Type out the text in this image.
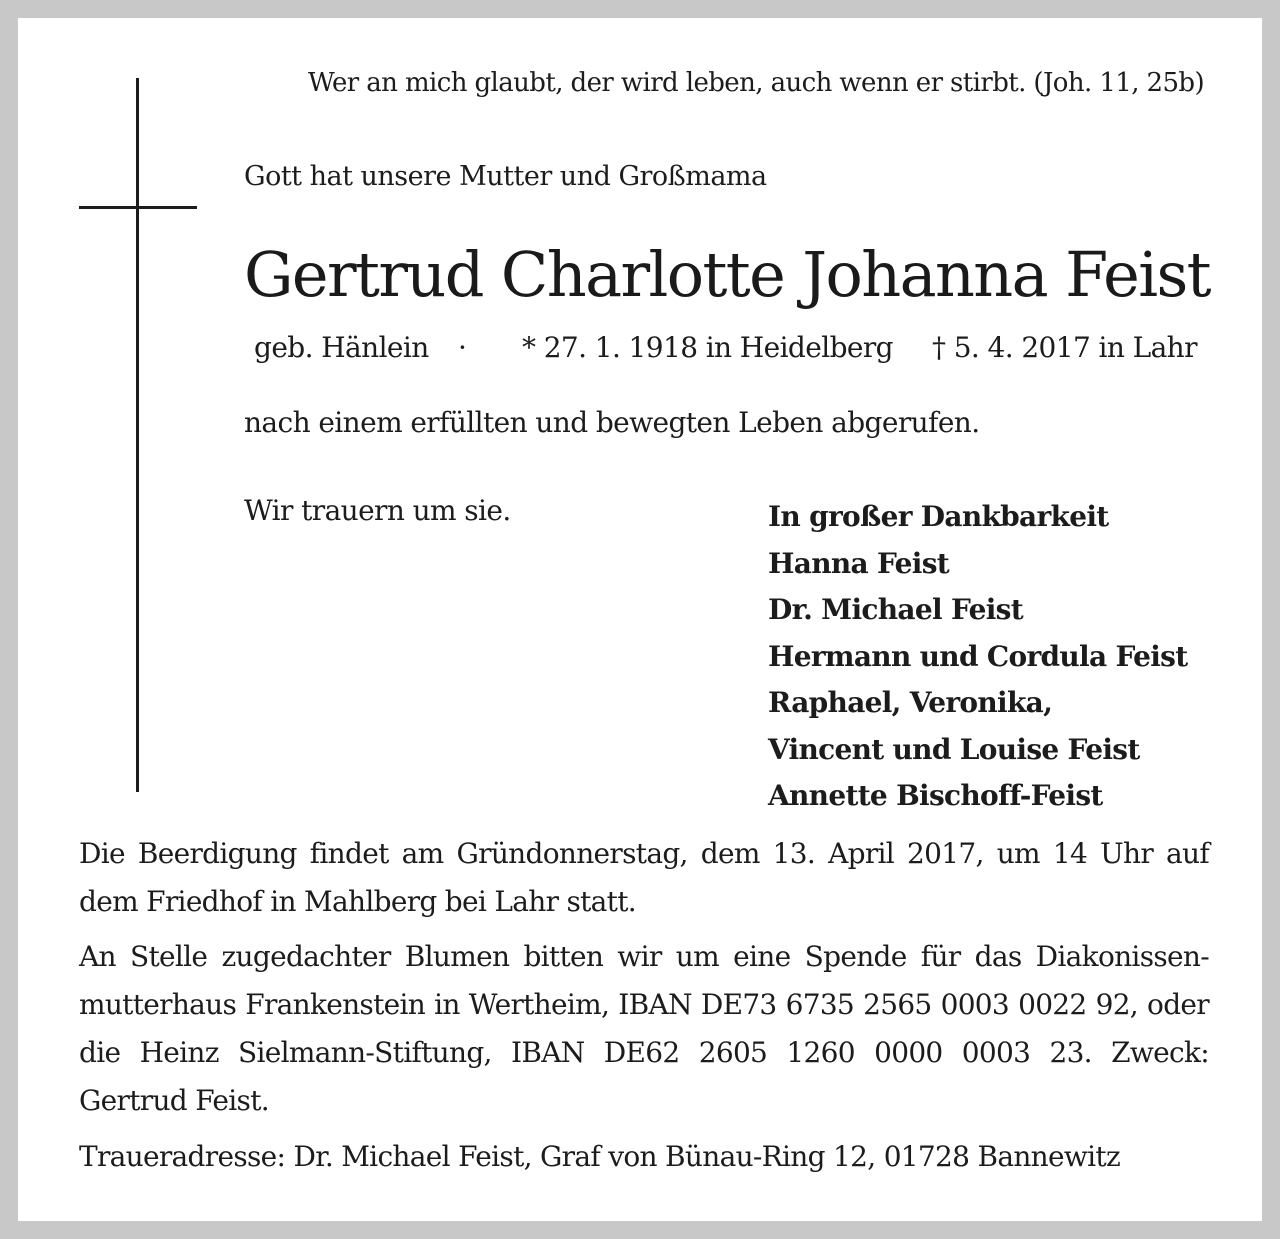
Wer an mich glaubt, der wird leben, auch wenn er stirbt. (Joh. 11, 25b)
Gott hat unsere Mutter und Großmama
Gertrud Charlotte Johanna Feist
geb. Hänlein · * 27. 1. 1918 in Heidelberg † 5. 4. 2017 in Lahr
nach einem erfüllten und bewegten Leben abgerufen.
Wir trauern um sie.	In großer Dankbarkeit
Hanna Feist
Dr. Michael Feist
Hermann und Cordula Feist
Raphael, Veronika,
Vincent und Louise Feist
Annette Bischoff-Feist
Die Beerdigung findet am Gründonnerstag, dem 13. April 2017, um 14 Uhr auf dem Friedhof in Mahlberg bei Lahr statt.
An Stelle zugedachter Blumen bitten wir um eine Spende für das Diakonissen-mutterhaus Frankenstein in Wertheim, IBAN DE73 6735 2565 0003 0022 92, oder die Heinz Sielmann-Stiftung, IBAN DE62 2605 1260 0000 0003 23. Zweck: Gertrud Feist.
Traueradresse: Dr. Michael Feist, Graf von Bünau-Ring 12, 01728 Bannewitz
